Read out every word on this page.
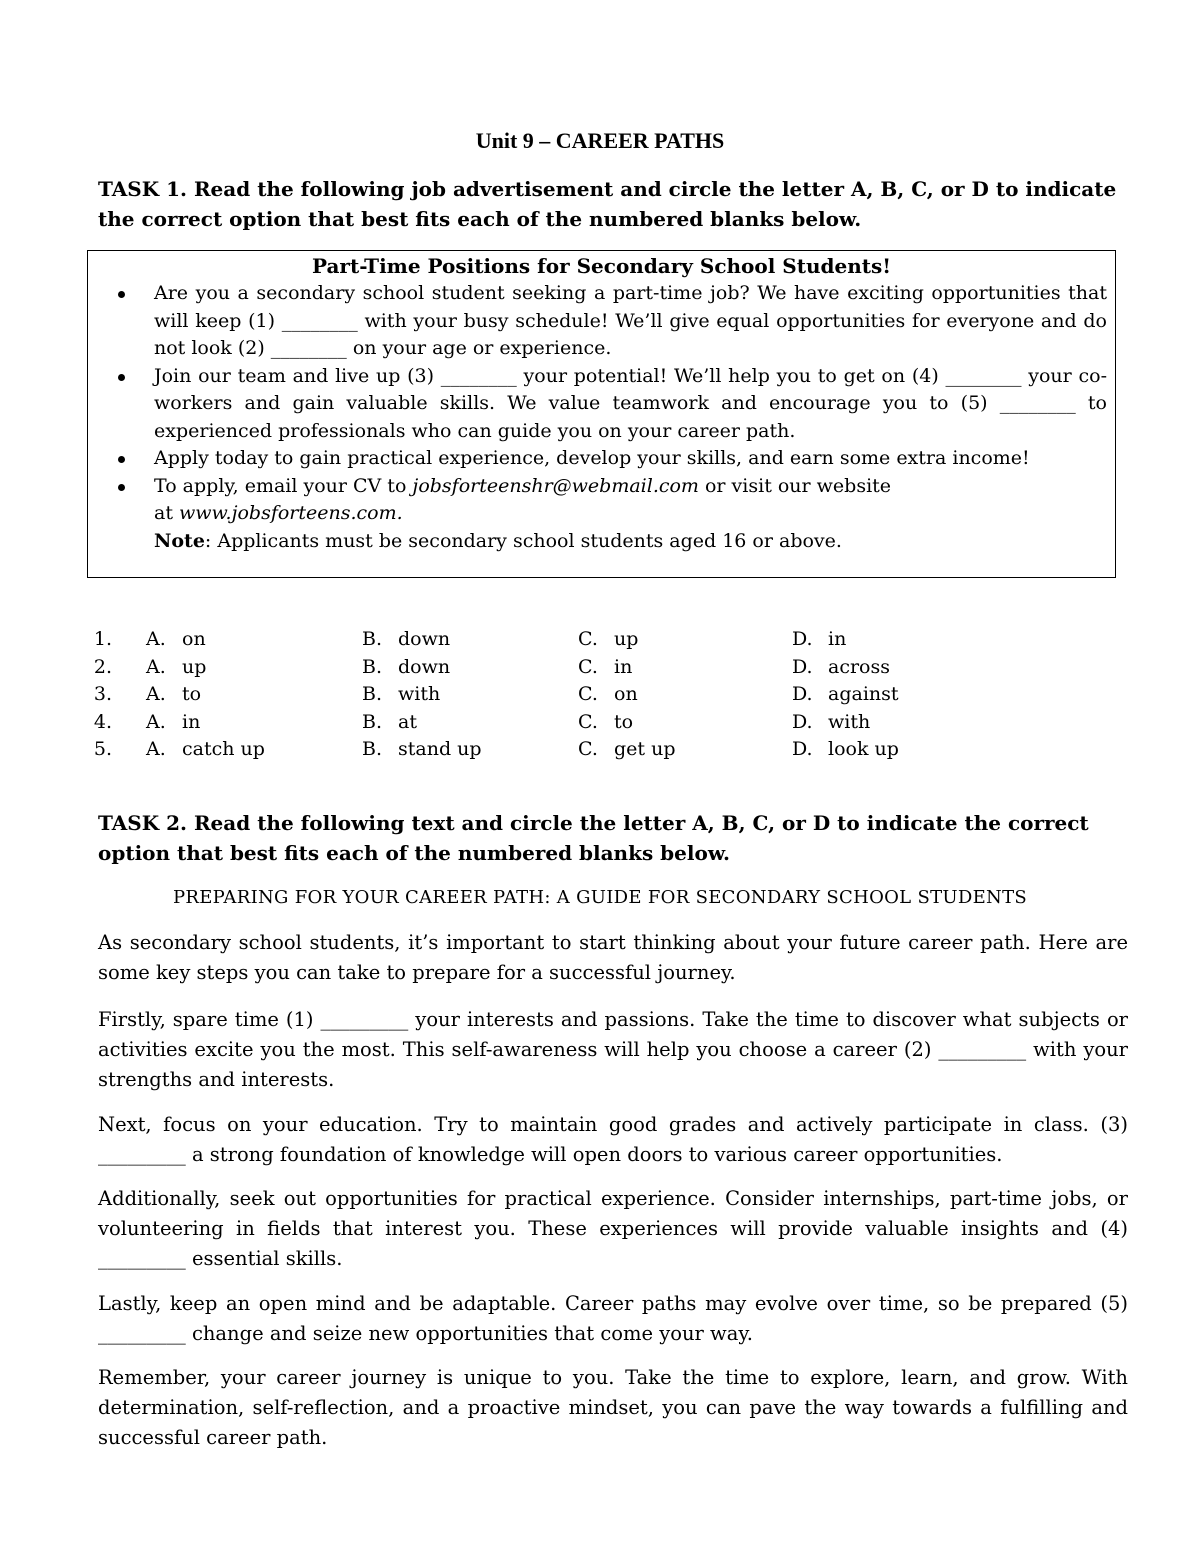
Unit 9 – CAREER PATHS
TASK 1. Read the following job advertisement and circle the letter A, B, C, or D to indicate the correct option that best fits each of the numbered blanks below.
Part-Time Positions for Secondary School Students!
Are you a secondary school student seeking a part-time job? We have exciting opportunities that will keep (1) ________ with your busy schedule! We’ll give equal opportunities for everyone and do not look (2) ________ on your age or experience.
Join our team and live up (3) ________ your potential! We’ll help you to get on (4) ________ your co-workers and gain valuable skills. We value teamwork and encourage you to (5) ________ to experienced professionals who can guide you on your career path.
Apply today to gain practical experience, develop your skills, and earn some extra income!
To apply, email your CV to jobsforteenshr@webmail.com or visit our website
at www.jobsforteens.com.
Note: Applicants must be secondary school students aged 16 or above.
1. A. on	B. down	C. up	D. in
2. A. up	B. down	C. in	D. across
3. A. to	B. with	C. on	D. against
4. A. in	B. at	C. to	D. with
5. A. catch up	B. stand up	C. get up	D. look up
TASK 2. Read the following text and circle the letter A, B, C, or D to indicate the correct option that best fits each of the numbered blanks below.
PREPARING FOR YOUR CAREER PATH: A GUIDE FOR SECONDARY SCHOOL STUDENTS

As secondary school students, it’s important to start thinking about your future career path. Here are some key steps you can take to prepare for a successful journey.

Firstly, spare time (1) _________ your interests and passions. Take the time to discover what subjects or activities excite you the most. This self-awareness will help you choose a career (2) _________ with your strengths and interests.

Next, focus on your education. Try to maintain good grades and actively participate in class. (3) _________ a strong foundation of knowledge will open doors to various career opportunities.

Additionally, seek out opportunities for practical experience. Consider internships, part-time jobs, or volunteering in fields that interest you. These experiences will provide valuable insights and (4) _________ essential skills.

Lastly, keep an open mind and be adaptable. Career paths may evolve over time, so be prepared (5) _________ change and seize new opportunities that come your way.

Remember, your career journey is unique to you. Take the time to explore, learn, and grow. With determination, self-reflection, and a proactive mindset, you can pave the way towards a fulfilling and successful career path.
